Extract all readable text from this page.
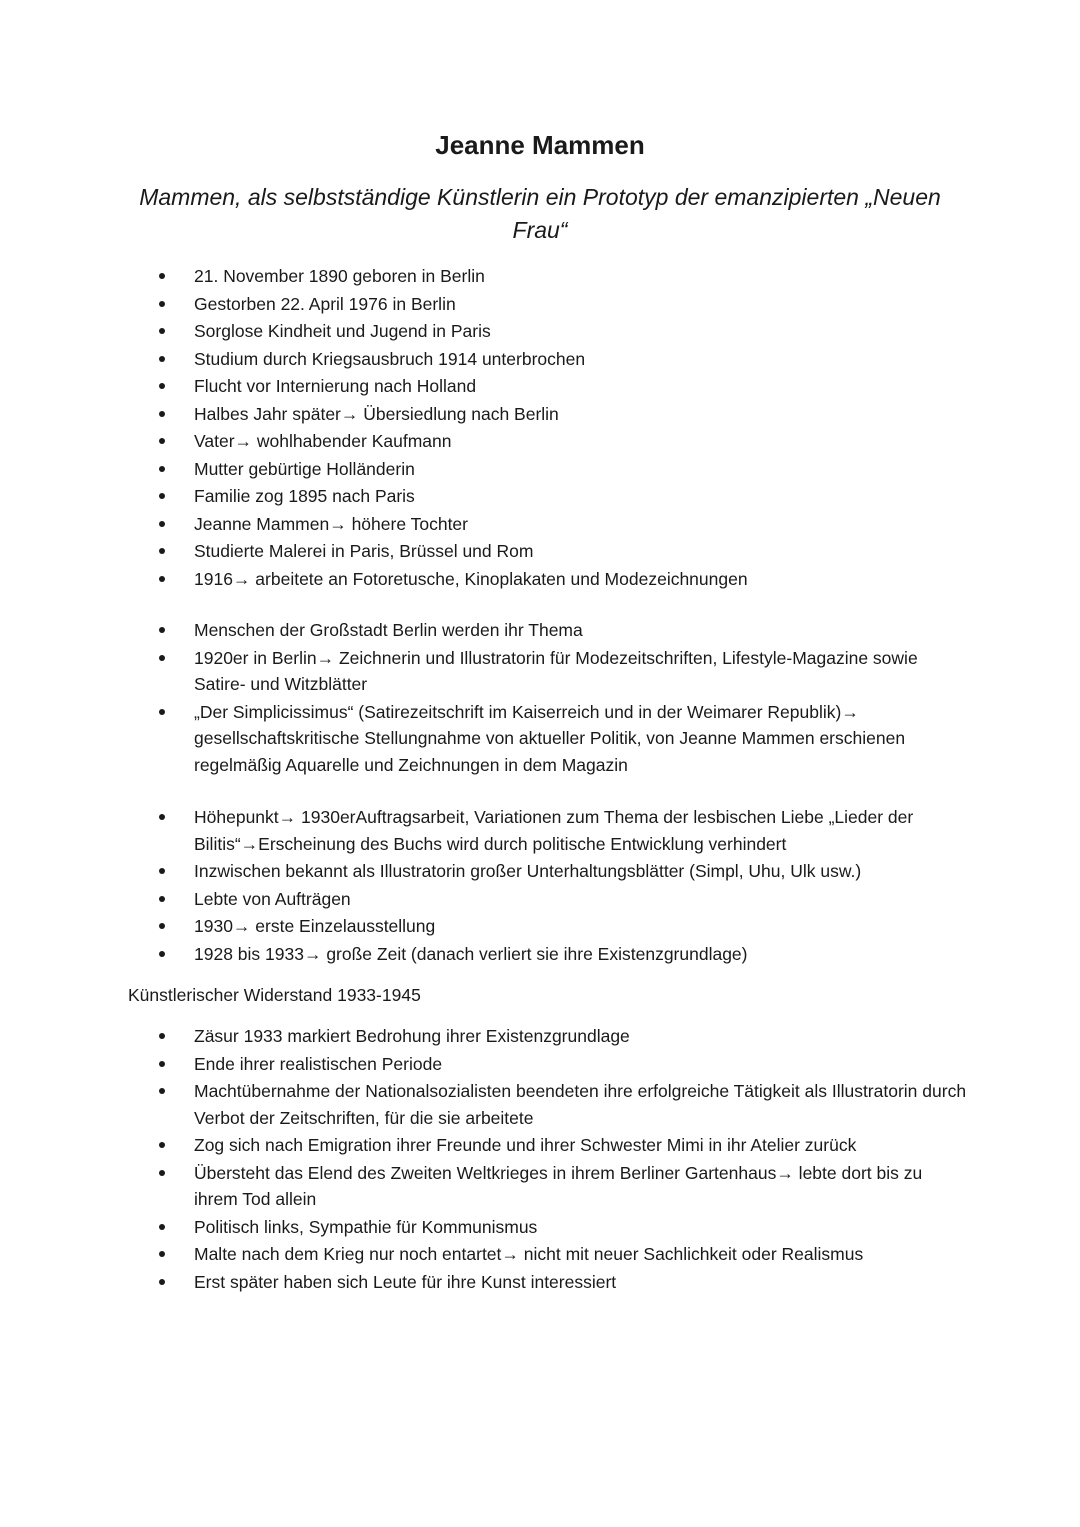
Jeanne Mammen

Mammen, als selbstständige Künstlerin ein Prototyp der emanzipierten „Neuen Frau“

21. November 1890 geboren in Berlin
Gestorben 22. April 1976 in Berlin
Sorglose Kindheit und Jugend in Paris
Studium durch Kriegsausbruch 1914 unterbrochen
Flucht vor Internierung nach Holland
Halbes Jahr später→ Übersiedlung nach Berlin
Vater→ wohlhabender Kaufmann
Mutter gebürtige Holländerin
Familie zog 1895 nach Paris
Jeanne Mammen→ höhere Tochter
Studierte Malerei in Paris, Brüssel und Rom
1916→ arbeitete an Fotoretusche, Kinoplakaten und Modezeichnungen
Menschen der Großstadt Berlin werden ihr Thema
1920er in Berlin→ Zeichnerin und Illustratorin für Modezeitschriften, Lifestyle-Magazine sowie Satire- und Witzblätter
„Der Simplicissimus“ (Satirezeitschrift im Kaiserreich und in der Weimarer Republik)→ gesellschaftskritische Stellungnahme von aktueller Politik, von Jeanne Mammen erschienen regelmäßig Aquarelle und Zeichnungen in dem Magazin
Höhepunkt→ 1930erAuftragsarbeit, Variationen zum Thema der lesbischen Liebe „Lieder der Bilitis“→Erscheinung des Buchs wird durch politische Entwicklung verhindert
Inzwischen bekannt als Illustratorin großer Unterhaltungsblätter (Simpl, Uhu, Ulk usw.)
Lebte von Aufträgen
1930→ erste Einzelausstellung
1928 bis 1933→ große Zeit (danach verliert sie ihre Existenzgrundlage)
Künstlerischer Widerstand 1933-1945
Zäsur 1933 markiert Bedrohung ihrer Existenzgrundlage
Ende ihrer realistischen Periode
Machtübernahme der Nationalsozialisten beendeten ihre erfolgreiche Tätigkeit als Illustratorin durch Verbot der Zeitschriften, für die sie arbeitete
Zog sich nach Emigration ihrer Freunde und ihrer Schwester Mimi in ihr Atelier zurück
Übersteht das Elend des Zweiten Weltkrieges in ihrem Berliner Gartenhaus→ lebte dort bis zu ihrem Tod allein
Politisch links, Sympathie für Kommunismus
Malte nach dem Krieg nur noch entartet→ nicht mit neuer Sachlichkeit oder Realismus
Erst später haben sich Leute für ihre Kunst interessiert
